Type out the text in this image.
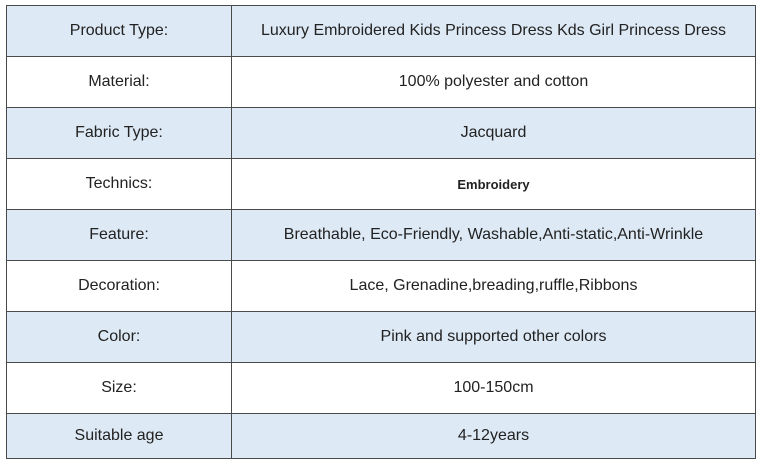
Product Type:	Luxury Embroidered Kids Princess Dress Kds Girl Princess Dress
Material:	100% polyester and cotton
Fabric Type:	Jacquard
Technics:	Embroidery
Feature:	Breathable, Eco-Friendly, Washable,Anti-static,Anti-Wrinkle
Decoration:	Lace, Grenadine,breading,ruffle,Ribbons
Color:	Pink and supported other colors
Size:	100-150cm
Suitable age	4-12years
